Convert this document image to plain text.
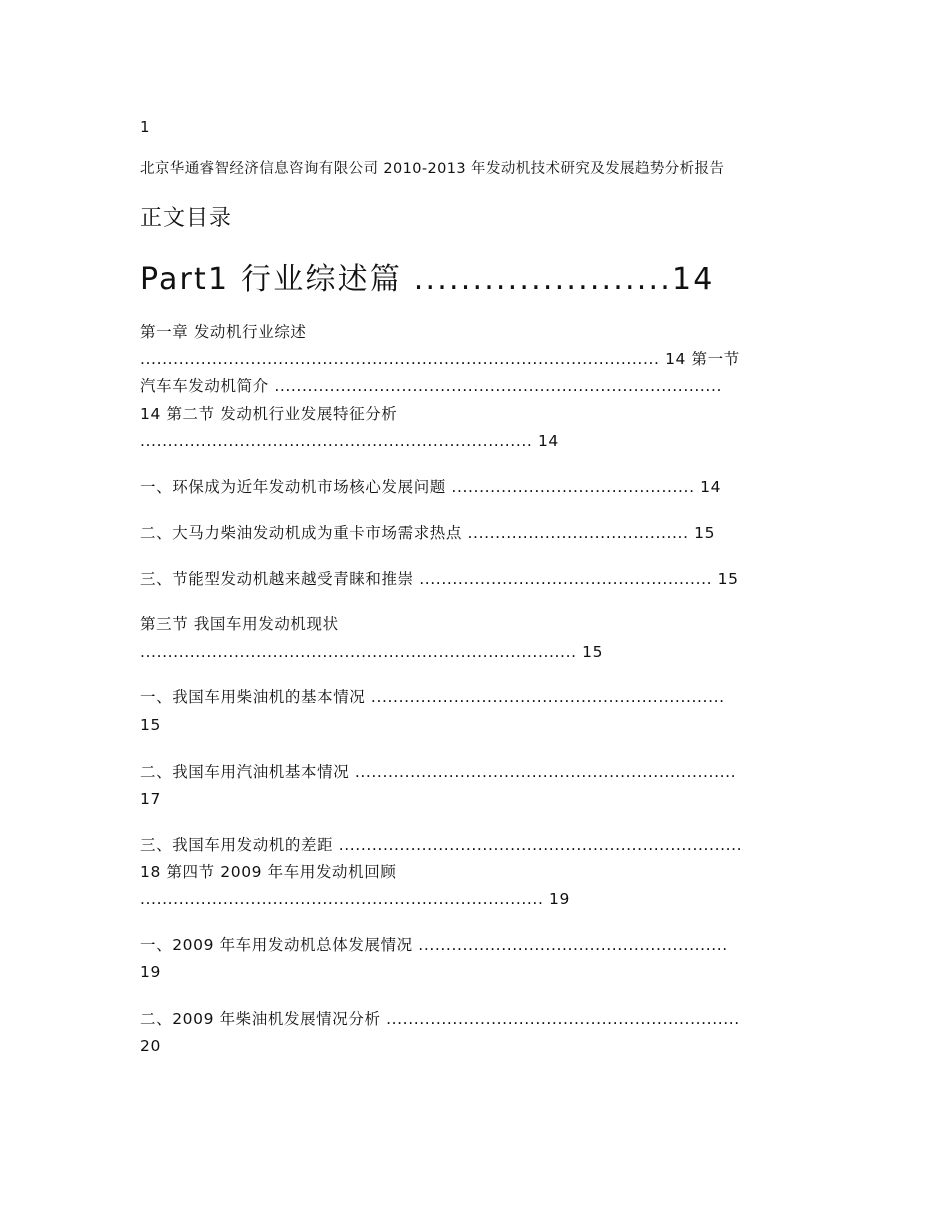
1
北京华通睿智经济信息咨询有限公司 2010-2013 年发动机技术研究及发展趋势分析报告
正文目录
Part1 行业综述篇 ......................14
第一章 发动机行业综述
.............................................................................................. 14 第一节
汽车车发动机简介 .................................................................................
14 第二节 发动机行业发展特征分析
....................................................................... 14
一、环保成为近年发动机市场核心发展问题 ............................................ 14
二、大马力柴油发动机成为重卡市场需求热点 ........................................ 15
三、节能型发动机越来越受青睐和推崇 ..................................................... 15
第三节 我国车用发动机现状
............................................................................... 15
一、我国车用柴油机的基本情况 ................................................................
15
二、我国车用汽油机基本情况 .....................................................................
17
三、我国车用发动机的差距 .........................................................................
18 第四节 2009 年车用发动机回顾
......................................................................... 19
一、2009 年车用发动机总体发展情况 ........................................................
19
二、2009 年柴油机发展情况分析 ................................................................
20
